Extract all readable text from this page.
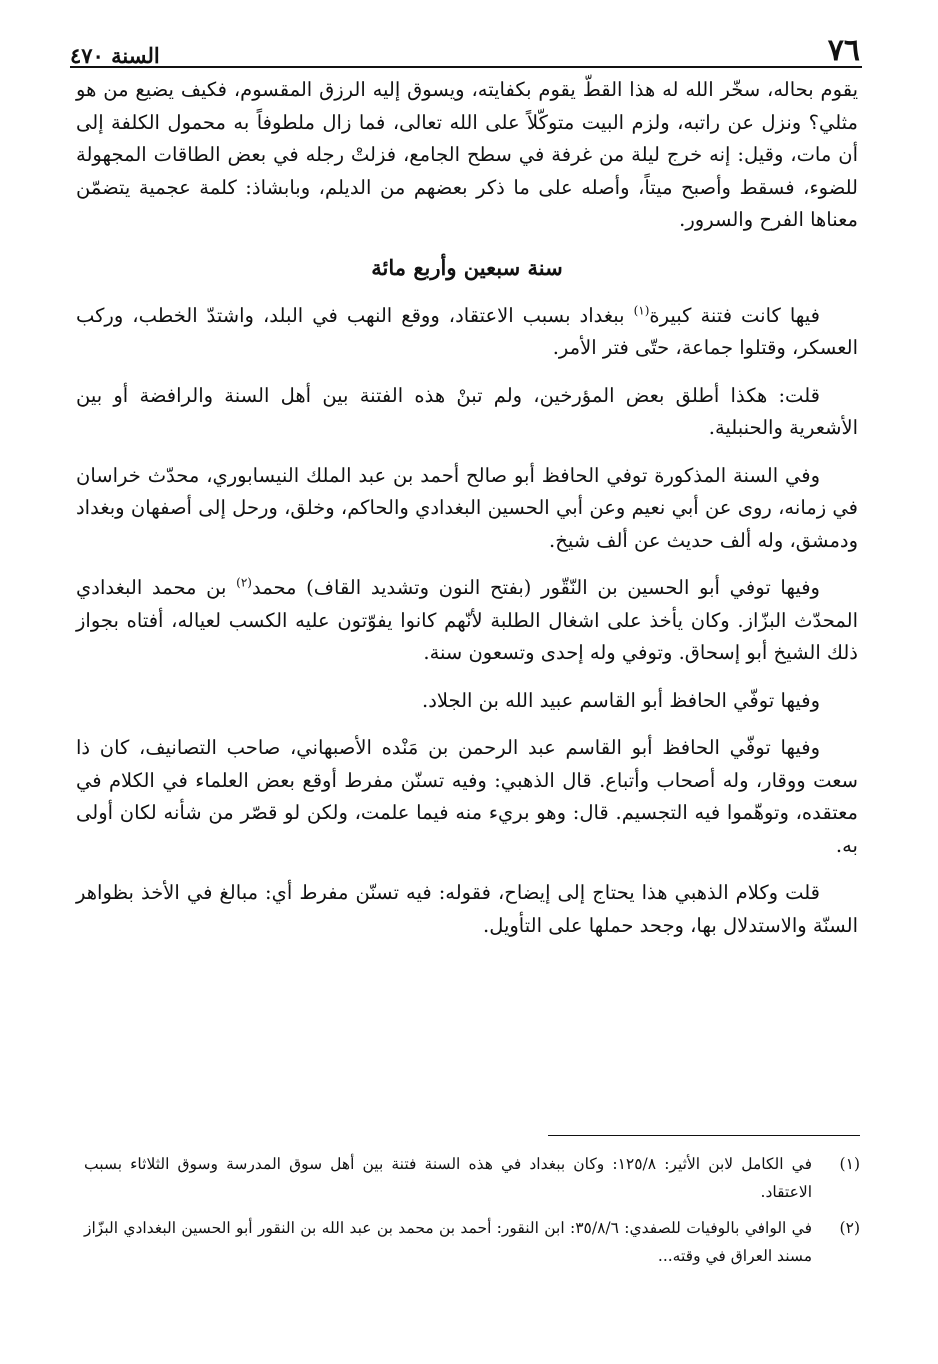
٧٦
السنة ٤٧٠

يقوم بحاله، سخّر الله له هذا القطّ يقوم بكفايته، ويسوق إليه الرزق المقسوم، فكيف يضيع من هو مثلي؟ ونزل عن راتبه، ولزم البيت متوكّلاً على الله تعالى، فما زال ملطوفاً به محمول الكلفة إلى أن مات، وقيل: إنه خرج ليلة من غرفة في سطح الجامع، فزلتْ رجله في بعض الطاقات المجهولة للضوء، فسقط وأصبح ميتاً، وأصله على ما ذكر بعضهم من الديلم، وبابشاذ: كلمة عجمية يتضمّن معناها الفرح والسرور.

سنة سبعين وأربع مائة

فيها كانت فتنة كبيرة$^{(١)}$ ببغداد بسبب الاعتقاد، ووقع النهب في البلد، واشتدّ الخطب، وركب العسكر، وقتلوا جماعة، حتّى فتر الأمر.

قلت: هكذا أطلق بعض المؤرخين، ولم تبنْ هذه الفتنة بين أهل السنة والرافضة أو بين الأشعرية والحنبلية.

وفي السنة المذكورة توفي الحافظ أبو صالح أحمد بن عبد الملك النيسابوري، محدّث خراسان في زمانه، روى عن أبي نعيم وعن أبي الحسين البغدادي والحاكم، وخلق، ورحل إلى أصفهان وبغداد ودمشق، وله ألف حديث عن ألف شيخ.

وفيها توفي أبو الحسين بن النّقّور (بفتح النون وتشديد القاف) محمد$^{(٢)}$ بن محمد البغدادي المحدّث البزّاز. وكان يأخذ على اشغال الطلبة لأنّهم كانوا يفوّتون عليه الكسب لعياله، أفتاه بجواز ذلك الشيخ أبو إسحاق. وتوفي وله إحدى وتسعون سنة.

وفيها توفّي الحافظ أبو القاسم عبيد الله بن الجلاد.

وفيها توفّي الحافظ أبو القاسم عبد الرحمن بن مَنْده الأصبهاني، صاحب التصانيف، كان ذا سعت ووقار، وله أصحاب وأتباع. قال الذهبي: وفيه تسنّن مفرط أوقع بعض العلماء في الكلام في معتقده، وتوهّموا فيه التجسيم. قال: وهو بريء منه فيما علمت، ولكن لو قصّر من شأنه لكان أولى به.

قلت وكلام الذهبي هذا يحتاج إلى إيضاح، فقوله: فيه تسنّن مفرط أي: مبالغ في الأخذ بظواهر السنّة والاستدلال بها، وجحد حملها على التأويل.

(١)
في الكامل لابن الأثير: ١٢٥/٨: وكان ببغداد في هذه السنة فتنة بين أهل سوق المدرسة وسوق الثلاثاء بسبب الاعتقاد.
(٢)
في الوافي بالوفيات للصفدي: ٣٥/٨/٦: ابن النقور: أحمد بن محمد بن عبد الله بن النقور أبو الحسين البغدادي البزّاز مسند العراق في وقته...
